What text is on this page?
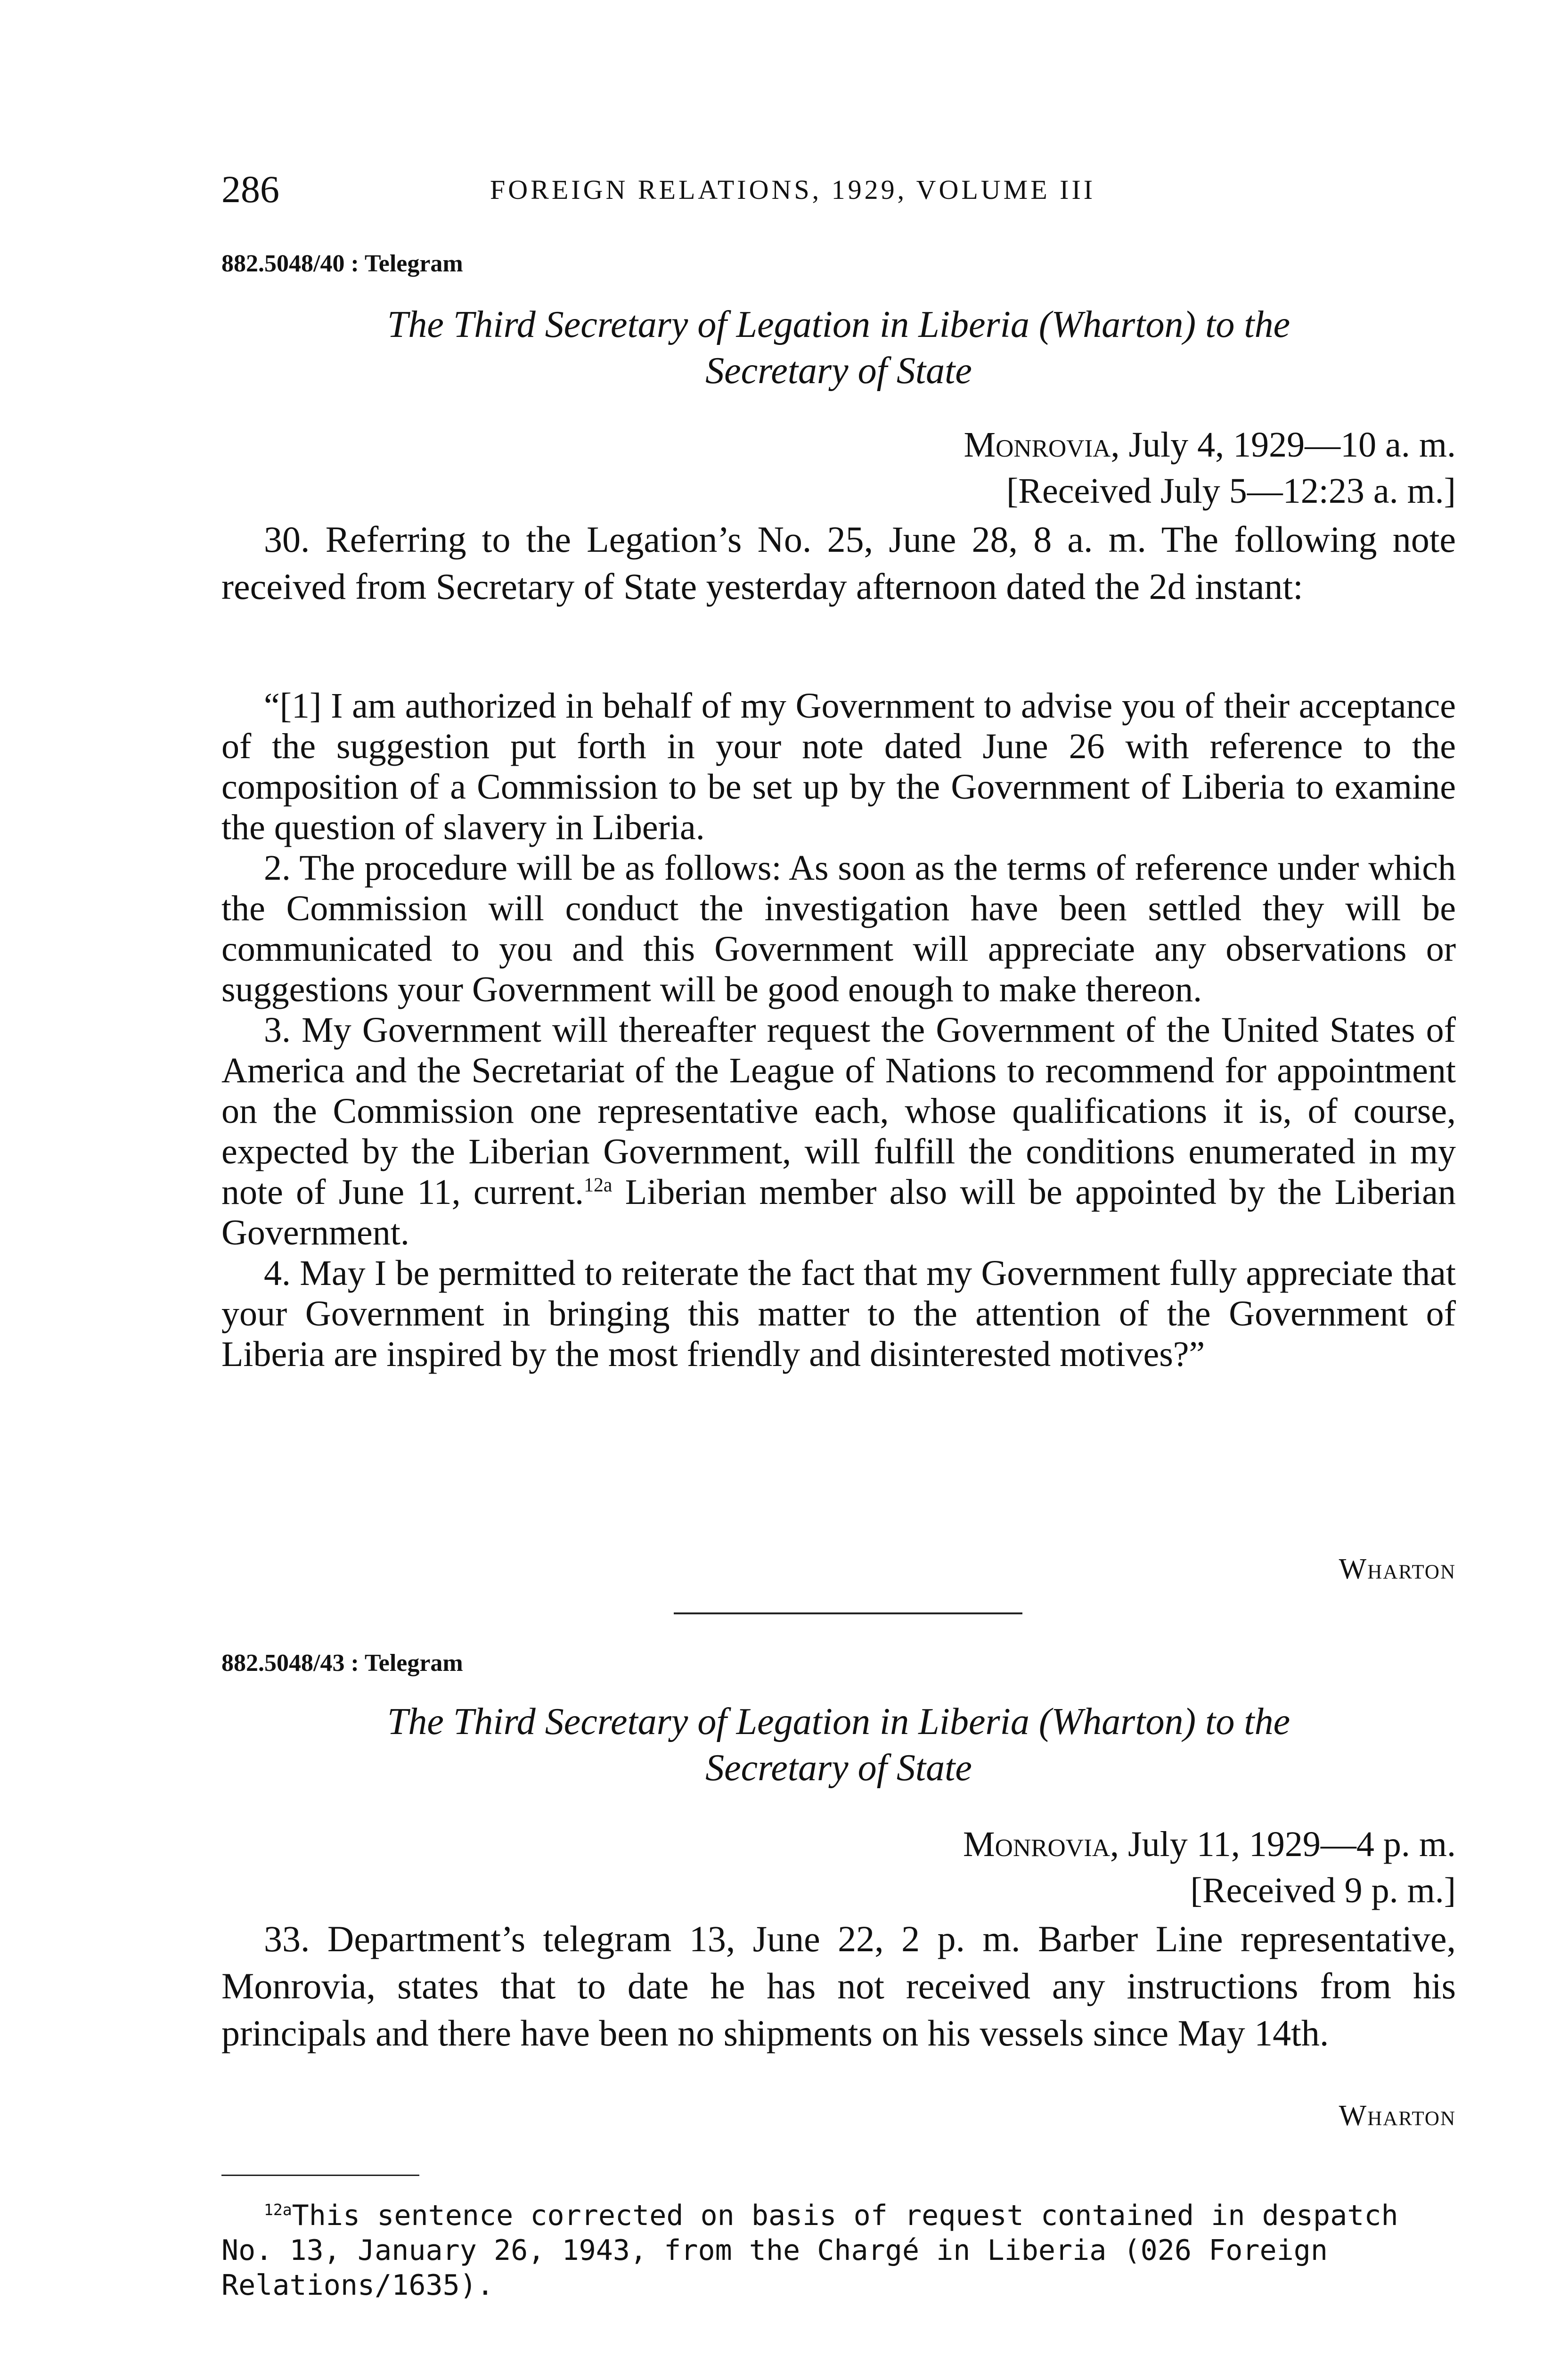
286	FOREIGN RELATIONS, 1929, VOLUME III
882.5048/40 : Telegram
The Third Secretary of Legation in Liberia (Wharton) to the
Secretary of State
Monrovia, July 4, 1929—10 a. m.
[Received July 5—12:23 a. m.]

30. Referring to the Legation’s No. 25, June 28, 8 a. m. The following note received from Secretary of State yesterday afternoon dated the 2d instant:

“[1] I am authorized in behalf of my Government to advise you of their acceptance of the suggestion put forth in your note dated June 26 with reference to the composition of a Commission to be set up by the Government of Liberia to examine the question of slavery in Liberia.

2. The procedure will be as follows: As soon as the terms of reference under which the Commission will conduct the investigation have been settled they will be communicated to you and this Government will appreciate any observations or suggestions your Government will be good enough to make thereon.

3. My Government will thereafter request the Government of the United States of America and the Secretariat of the League of Nations to recommend for appointment on the Commission one representative each, whose qualifications it is, of course, expected by the Liberian Government, will fulfill the conditions enumerated in my note of June 11, current.$^{12a}$ Liberian member also will be appointed by the Liberian Government.

4. May I be permitted to reiterate the fact that my Government fully appreciate that your Government in bringing this matter to the attention of the Government of Liberia are inspired by the most friendly and disinterested motives?”

Wharton
882.5048/43 : Telegram
The Third Secretary of Legation in Liberia (Wharton) to the
Secretary of State
Monrovia, July 11, 1929—4 p. m.
[Received 9 p. m.]

33. Department’s telegram 13, June 22, 2 p. m. Barber Line representative, Monrovia, states that to date he has not received any instructions from his principals and there have been no shipments on his vessels since May 14th.

Wharton
$^{12a}$This sentence corrected on basis of request contained in despatch No. 13, January 26, 1943, from the Chargé in Liberia (026 Foreign Relations/1635).
